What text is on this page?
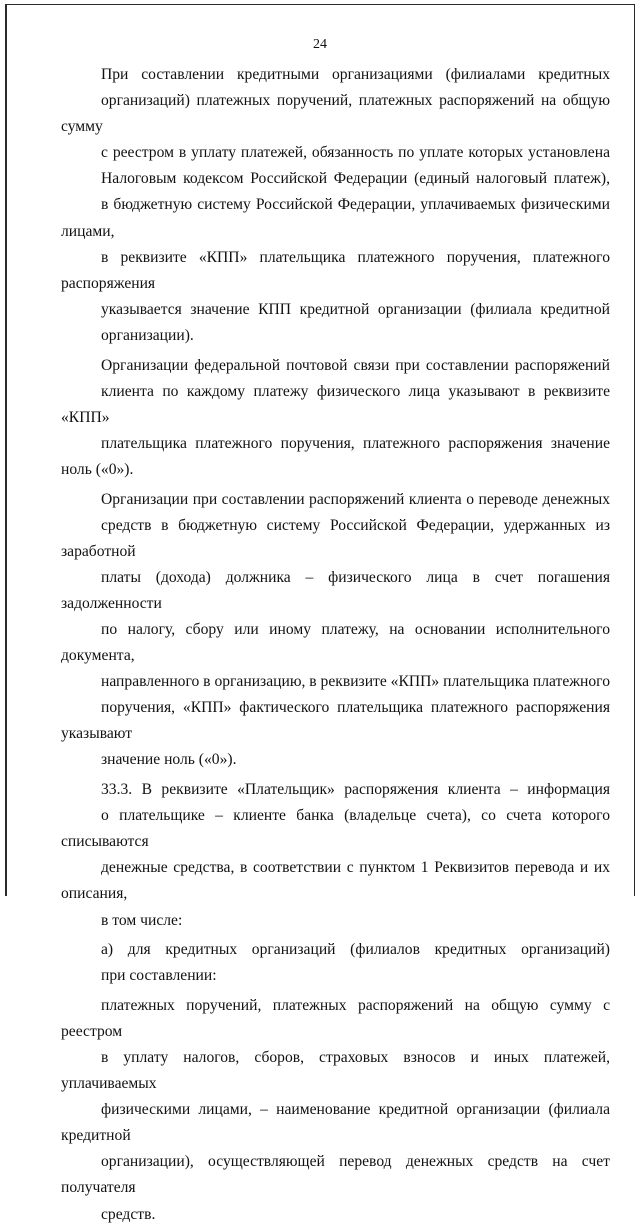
24

При составлении кредитными организациями (филиалами кредитных
организаций) платежных поручений, платежных распоряжений на общую сумму
с реестром в уплату платежей, обязанность по уплате которых установлена
Налоговым кодексом Российской Федерации (единый налоговый платеж),
в бюджетную систему Российской Федерации, уплачиваемых физическими лицами,
в реквизите «КПП» плательщика платежного поручения, платежного распоряжения
указывается значение КПП кредитной организации (филиала кредитной
организации).

Организации федеральной почтовой связи при составлении распоряжений
клиента по каждому платежу физического лица указывают в реквизите «КПП»
плательщика платежного поручения, платежного распоряжения значение ноль («0»).

Организации при составлении распоряжений клиента о переводе денежных
средств в бюджетную систему Российской Федерации, удержанных из заработной
платы (дохода) должника – физического лица в счет погашения задолженности
по налогу, сбору или иному платежу, на основании исполнительного документа,
направленного в организацию, в реквизите «КПП» плательщика платежного
поручения, «КПП» фактического плательщика платежного распоряжения указывают
значение ноль («0»).

33.3. В реквизите «Плательщик» распоряжения клиента – информация
о плательщике – клиенте банка (владельце счета), со счета которого списываются
денежные средства, в соответствии с пунктом 1 Реквизитов перевода и их описания,
в том числе:

а) для кредитных организаций (филиалов кредитных организаций)
при составлении:

платежных поручений, платежных распоряжений на общую сумму с реестром
в уплату налогов, сборов, страховых взносов и иных платежей, уплачиваемых
физическими лицами, – наименование кредитной организации (филиала кредитной
организации), осуществляющей перевод денежных средств на счет получателя
средств.
